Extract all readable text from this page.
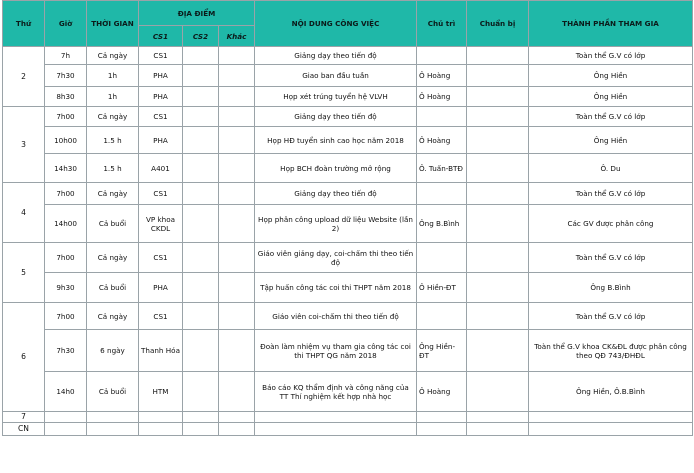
Thứ	Giờ	THỜI GIAN	ĐỊA ĐIỂM			NỘI DUNG CÔNG VIỆC	Chủ trì	Chuẩn bị	THÀNH PHẦN THAM GIA
			CS1	CS2	Khác				
2	7h	Cả ngày	CS1			Giảng dạy theo tiến độ			Toàn thể G.V có lớp
	7h30	1h	PHA			Giao ban đầu tuần	Ô Hoàng		Ông Hiền
	8h30	1h	PHA			Họp xét trúng tuyển hệ VLVH	Ô Hoàng		Ông Hiền
3	7h00	Cả ngày	CS1			Giảng dạy theo tiến độ			Toàn thể G.V có lớp
	10h00	1.5 h	PHA			Họp HĐ tuyển sinh cao học năm 2018	Ô Hoàng		Ông Hiền
	14h30	1.5 h	A401			Họp BCH đoàn trường mở rộng	Ô. Tuấn-BTĐ		Ô. Du
4	7h00	Cả ngày	CS1			Giảng dạy theo tiến độ			Toàn thể G.V có lớp
	14h00	Cả buổi	VP khoa CKDL			Họp phân công upload dữ liệu Website (lần 2)	Ông B.Bình		Các GV được phân công
5	7h00	Cả ngày	CS1			Giáo viên giảng dạy, coi-chấm thi theo tiến độ			Toàn thể G.V có lớp
	9h30	Cả buổi	PHA			Tập huấn công tác coi thi THPT năm 2018	Ô Hiền-ĐT		Ông B.Bình
6	7h00	Cả ngày	CS1			Giáo viên coi-chấm thi theo tiến độ			Toàn thể G.V có lớp
	7h30	6 ngày	Thanh Hóa			Đoàn làm nhiệm vụ tham gia công tác coi thi THPT QG năm 2018	Ông Hiền-ĐT		Toàn thể G.V khoa CK&ĐL được phân công theo QĐ 743/ĐHĐL
	14h0	Cả buổi	HTM			Báo cáo KQ thẩm định và công năng của TT Thí nghiệm kết hợp nhà học	Ô Hoàng		Ông Hiền, Ô.B.Bình
7									
CN									
